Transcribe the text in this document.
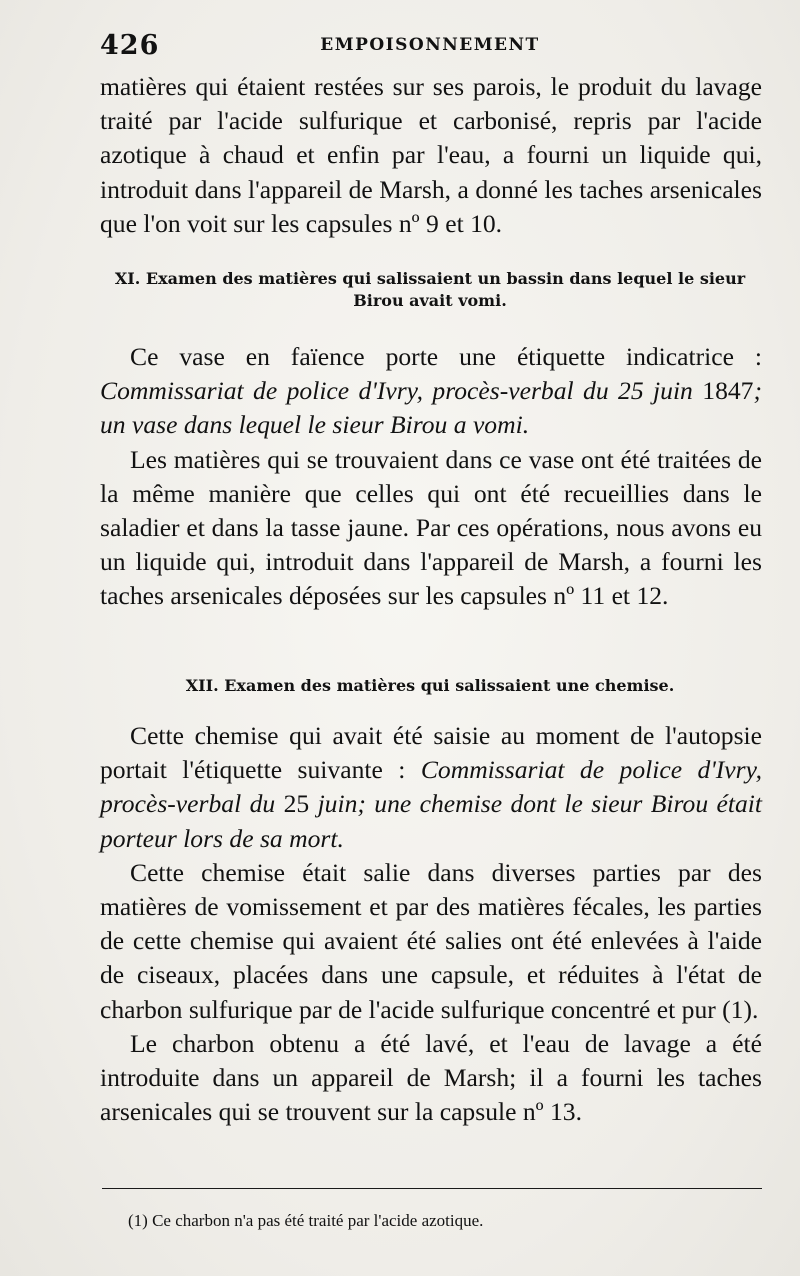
426	EMPOISONNEMENT

matières qui étaient restées sur ses parois, le produit du lavage traité par l'acide sulfurique et carbonisé, repris par l'acide azotique à chaud et enfin par l'eau, a fourni un liquide qui, introduit dans l'appareil de Marsh, a donné les taches arsenicales que l'on voit sur les capsules nº 9 et 10.

XI. Examen des matières qui salissaient un bassin dans lequel le sieur Birou avait vomi.

Ce vase en faïence porte une étiquette indicatrice : Commissariat de police d'Ivry, procès-verbal du 25 juin 1847; un vase dans lequel le sieur Birou a vomi.

Les matières qui se trouvaient dans ce vase ont été traitées de la même manière que celles qui ont été recueillies dans le saladier et dans la tasse jaune. Par ces opérations, nous avons eu un liquide qui, introduit dans l'appareil de Marsh, a fourni les taches arsenicales déposées sur les capsules nº 11 et 12.

XII. Examen des matières qui salissaient une chemise.

Cette chemise qui avait été saisie au moment de l'autopsie portait l'étiquette suivante : Commissariat de police d'Ivry, procès-verbal du 25 juin; une chemise dont le sieur Birou était porteur lors de sa mort.

Cette chemise était salie dans diverses parties par des matières de vomissement et par des matières fécales, les parties de cette chemise qui avaient été salies ont été enlevées à l'aide de ciseaux, placées dans une capsule, et réduites à l'état de charbon sulfurique par de l'acide sulfurique concentré et pur (1).

Le charbon obtenu a été lavé, et l'eau de lavage a été introduite dans un appareil de Marsh; il a fourni les taches arsenicales qui se trouvent sur la capsule nº 13.

(1) Ce charbon n'a pas été traité par l'acide azotique.
